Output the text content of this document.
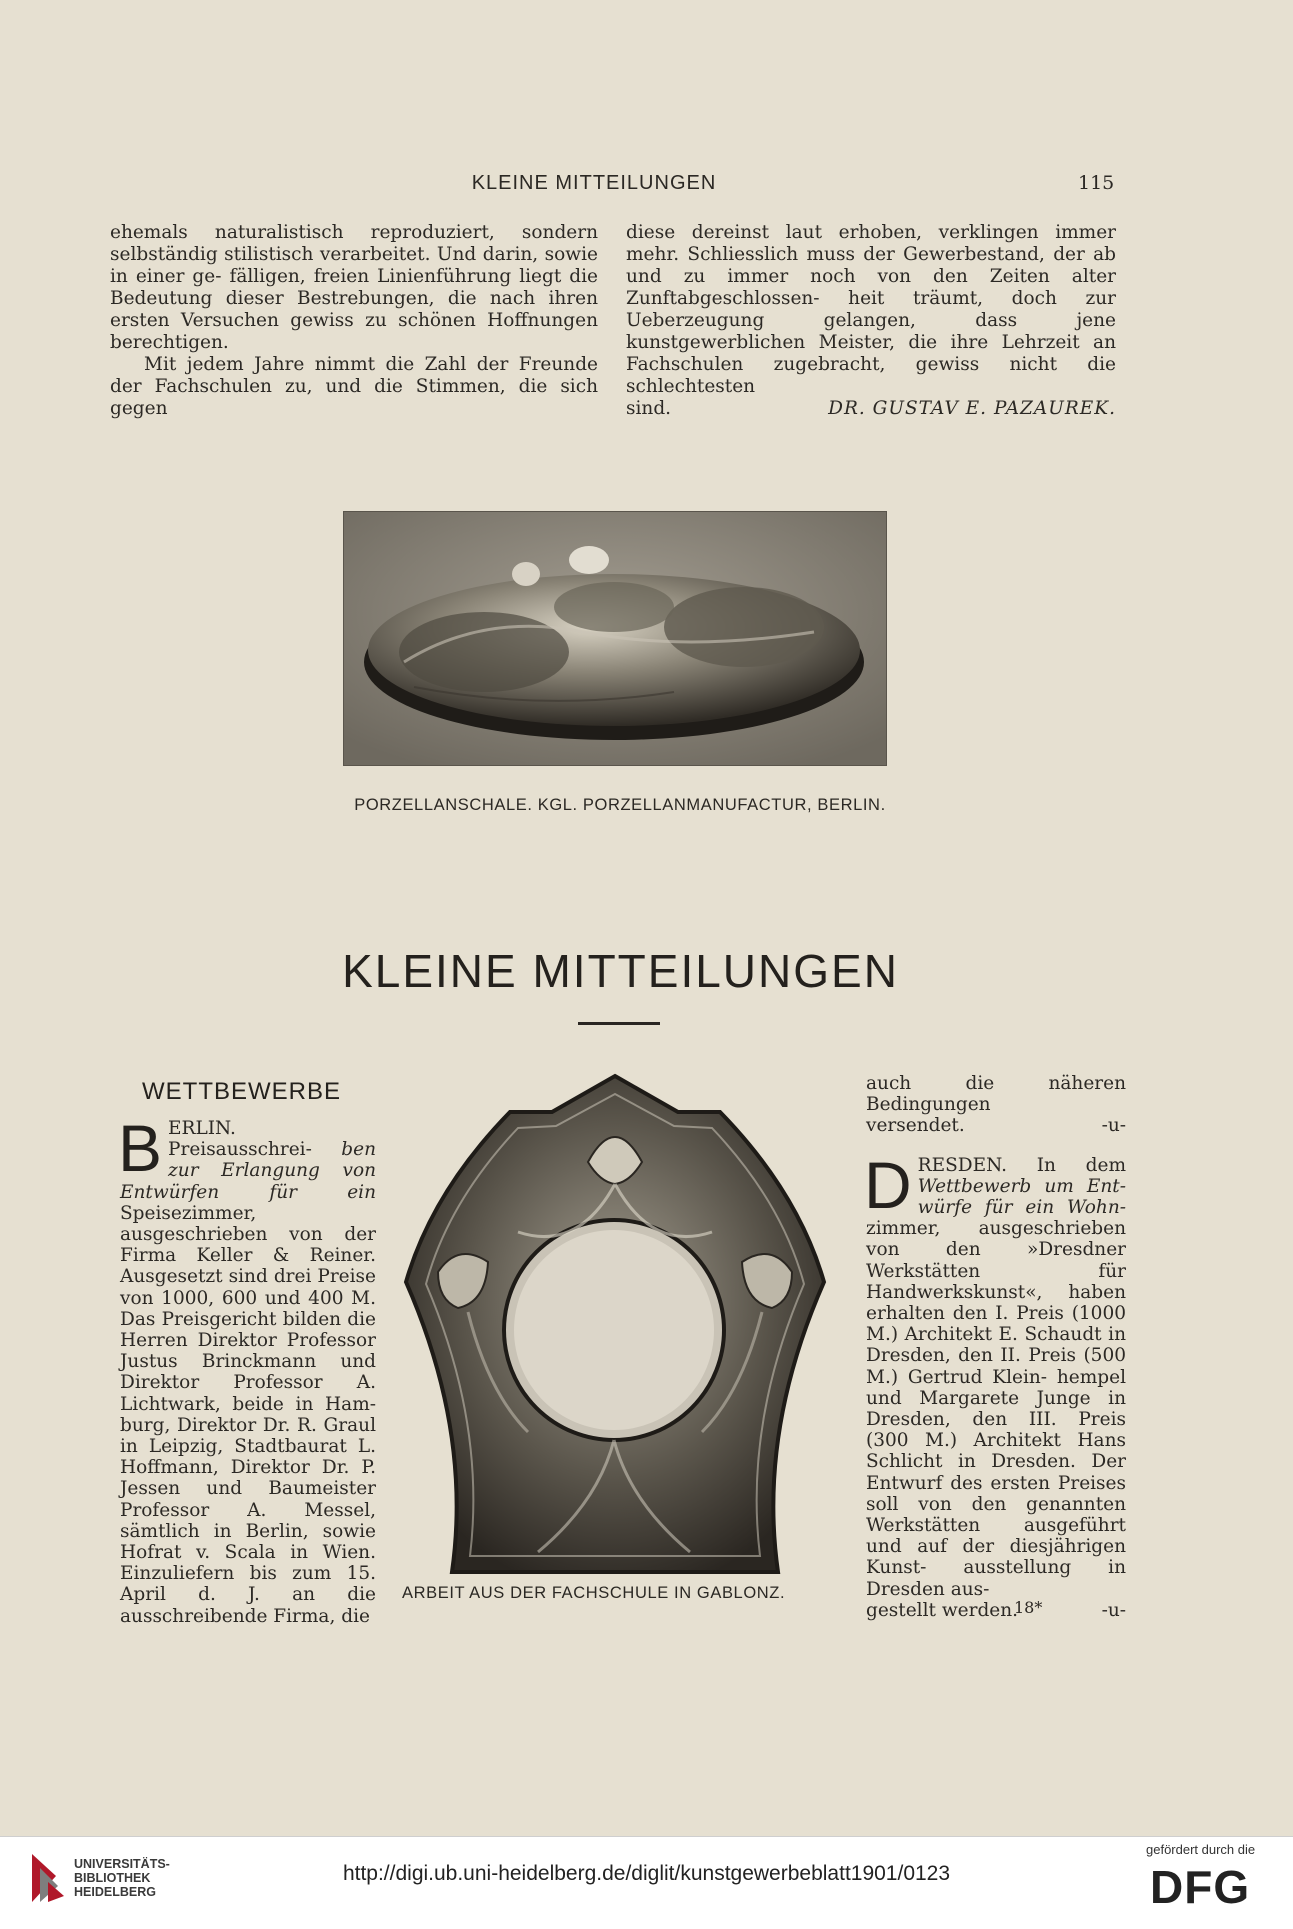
KLEINE MITTEILUNGEN	115

ehemals naturalistisch reproduziert, sondern selbständig stilistisch verarbeitet. Und darin, sowie in einer ge- fälligen, freien Linienführung liegt die Bedeutung dieser Bestrebungen, die nach ihren ersten Versuchen gewiss zu schönen Hoffnungen berechtigen.

Mit jedem Jahre nimmt die Zahl der Freunde der Fachschulen zu, und die Stimmen, die sich gegen

diese dereinst laut erhoben, verklingen immer mehr. Schliesslich muss der Gewerbestand, der ab und zu immer noch von den Zeiten alter Zunftabgeschlossen- heit träumt, doch zur Ueberzeugung gelangen, dass jene kunstgewerblichen Meister, die ihre Lehrzeit an Fachschulen zugebracht, gewiss nicht die schlechtesten

sind.	DR. GUSTAV E. PAZAUREK.
PORZELLANSCHALE. KGL. PORZELLANMANUFACTUR, BERLIN.
KLEINE MITTEILUNGEN
WETTBEWERBE
B ERLIN. Preisausschrei- ben zur Erlangung von Entwürfen für ein Speisezimmer, ausgeschrieben von der Firma Keller & Reiner. Ausgesetzt sind drei Preise von 1000, 600 und 400 M. Das Preisgericht bilden die Herren Direktor Professor Justus Brinckmann und Direktor Professor A. Lichtwark, beide in Ham- burg, Direktor Dr. R. Graul in Leipzig, Stadtbaurat L. Hoffmann, Direktor Dr. P. Jessen und Baumeister Professor A. Messel, sämtlich in Berlin, sowie Hofrat v. Scala in Wien. Einzuliefern bis zum 15. April d. J. an die ausschreibende Firma, die

ARBEIT AUS DER FACHSCHULE IN GABLONZ.

auch die näheren Bedingungen

versendet.	-u-
D RESDEN. In dem Wettbewerb um Ent- würfe für ein Wohn- zimmer, ausgeschrieben von den »Dresdner Werkstätten für Handwerkskunst«, haben erhalten den I. Preis (1000 M.) Architekt E. Schaudt in Dresden, den II. Preis (500 M.) Gertrud Klein- hempel und Margarete Junge in Dresden, den III. Preis (300 M.) Architekt Hans Schlicht in Dresden. Der Entwurf des ersten Preises soll von den genannten Werkstätten ausgeführt und auf der diesjährigen Kunst- ausstellung in Dresden aus-

gestellt werden.	-u-
18*
UNIVERSITÄTS-
BIBLIOTHEK
HEIDELBERG
http://digi.ub.uni-heidelberg.de/diglit/kunstgewerbeblatt1901/0123
gefördert durch die
DFG
